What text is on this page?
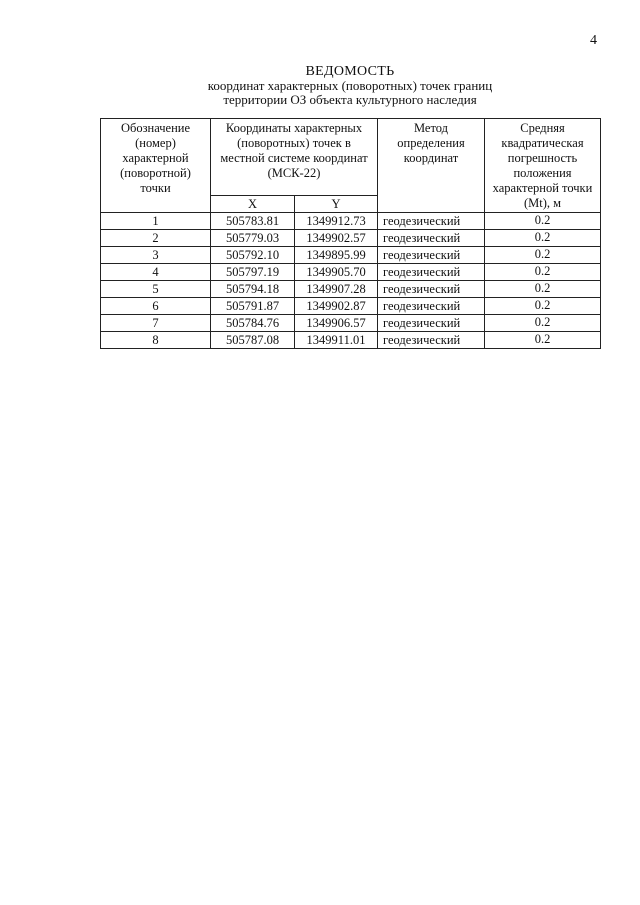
4
ВЕДОМОСТЬ
координат характерных (поворотных) точек границ
территории ОЗ объекта культурного наследия
Обозначение (номер) характерной (поворотной) точки	Координаты характерных (поворотных) точек в местной системе координат (МСК-22)		Метод определения координат	Средняя квадратическая погрешность положения характерной точки (Mt), м

	X	Y		
1	505783.81	1349912.73	геодезический	0.2
2	505779.03	1349902.57	геодезический	0.2
3	505792.10	1349895.99	геодезический	0.2
4	505797.19	1349905.70	геодезический	0.2
5	505794.18	1349907.28	геодезический	0.2
6	505791.87	1349902.87	геодезический	0.2
7	505784.76	1349906.57	геодезический	0.2
8	505787.08	1349911.01	геодезический	0.2
